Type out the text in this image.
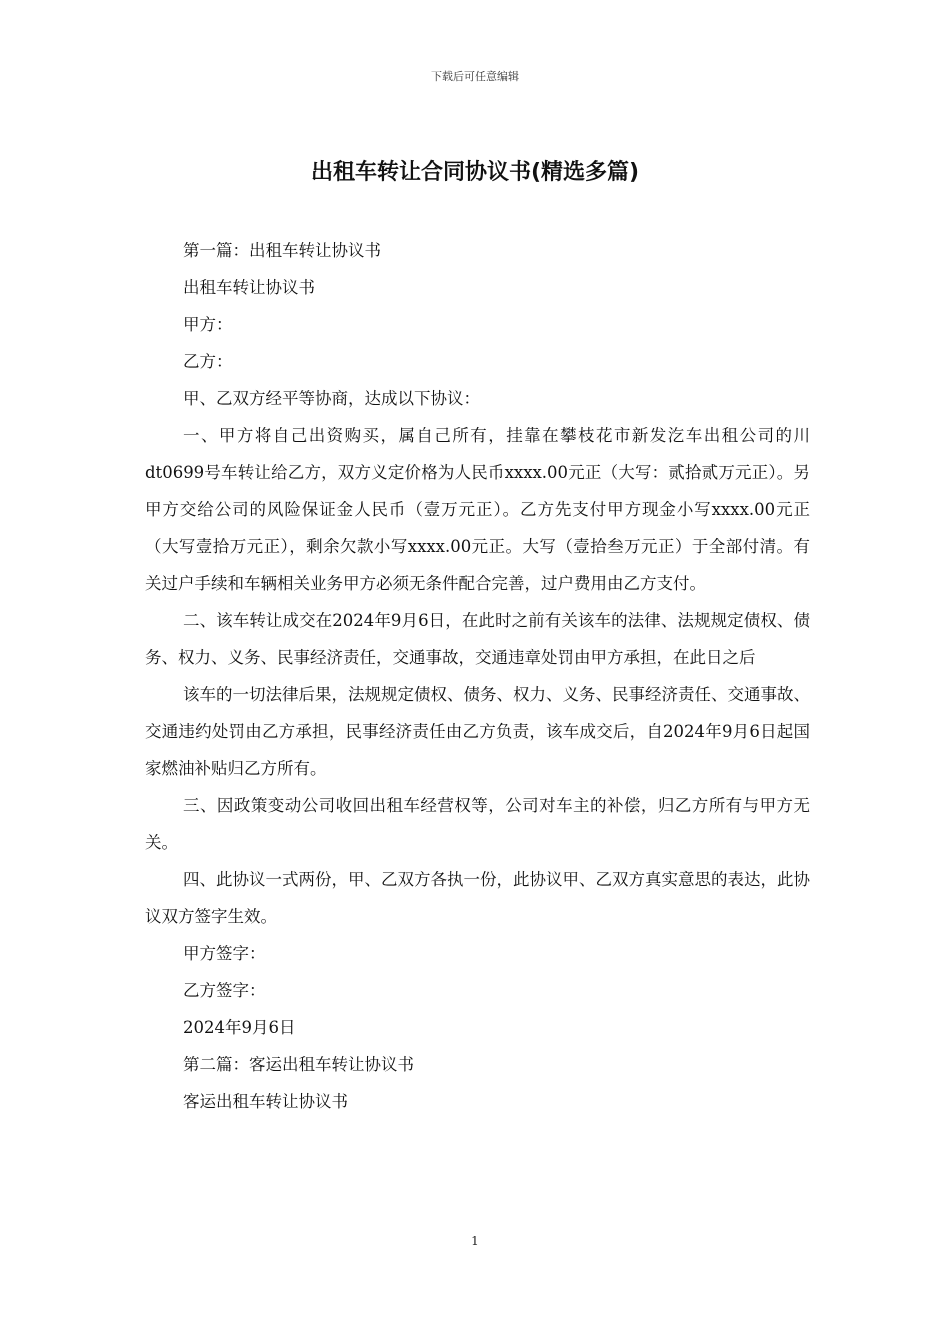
下载后可任意编辑
出租车转让合同协议书(精选多篇)

第一篇：出租车转让协议书

出租车转让协议书

甲方：

乙方：

甲、乙双方经平等协商，达成以下协议：

一、甲方将自己出资购买，属自己所有，挂靠在攀枝花市新发汔车出租公司的川dt0699号车转让给乙方，双方义定价格为人民币xxxx.00元正（大写：贰拾贰万元正）。另甲方交给公司的风险保证金人民币（壹万元正）。乙方先支付甲方现金小写xxxx.00元正（大写壹拾万元正），剩余欠款小写xxxx.00元正。大写（壹拾叁万元正）于全部付清。有关过户手续和车辆相关业务甲方必须无条件配合完善，过户费用由乙方支付。

二、该车转让成交在2024年9月6日，在此时之前有关该车的法律、法规规定债权、债务、权力、义务、民事经济责任，交通事故，交通违章处罚由甲方承担，在此日之后

该车的一切法律后果，法规规定债权、债务、权力、义务、民事经济责任、交通事故、交通违约处罚由乙方承担，民事经济责任由乙方负责，该车成交后，自2024年9月6日起国家燃油补贴归乙方所有。

三、因政策变动公司收回出租车经营权等，公司对车主的补偿，归乙方所有与甲方无关。

四、此协议一式两份，甲、乙双方各执一份，此协议甲、乙双方真实意思的表达，此协议双方签字生效。

甲方签字：

乙方签字：

2024年9月6日

第二篇：客运出租车转让协议书

客运出租车转让协议书

1
